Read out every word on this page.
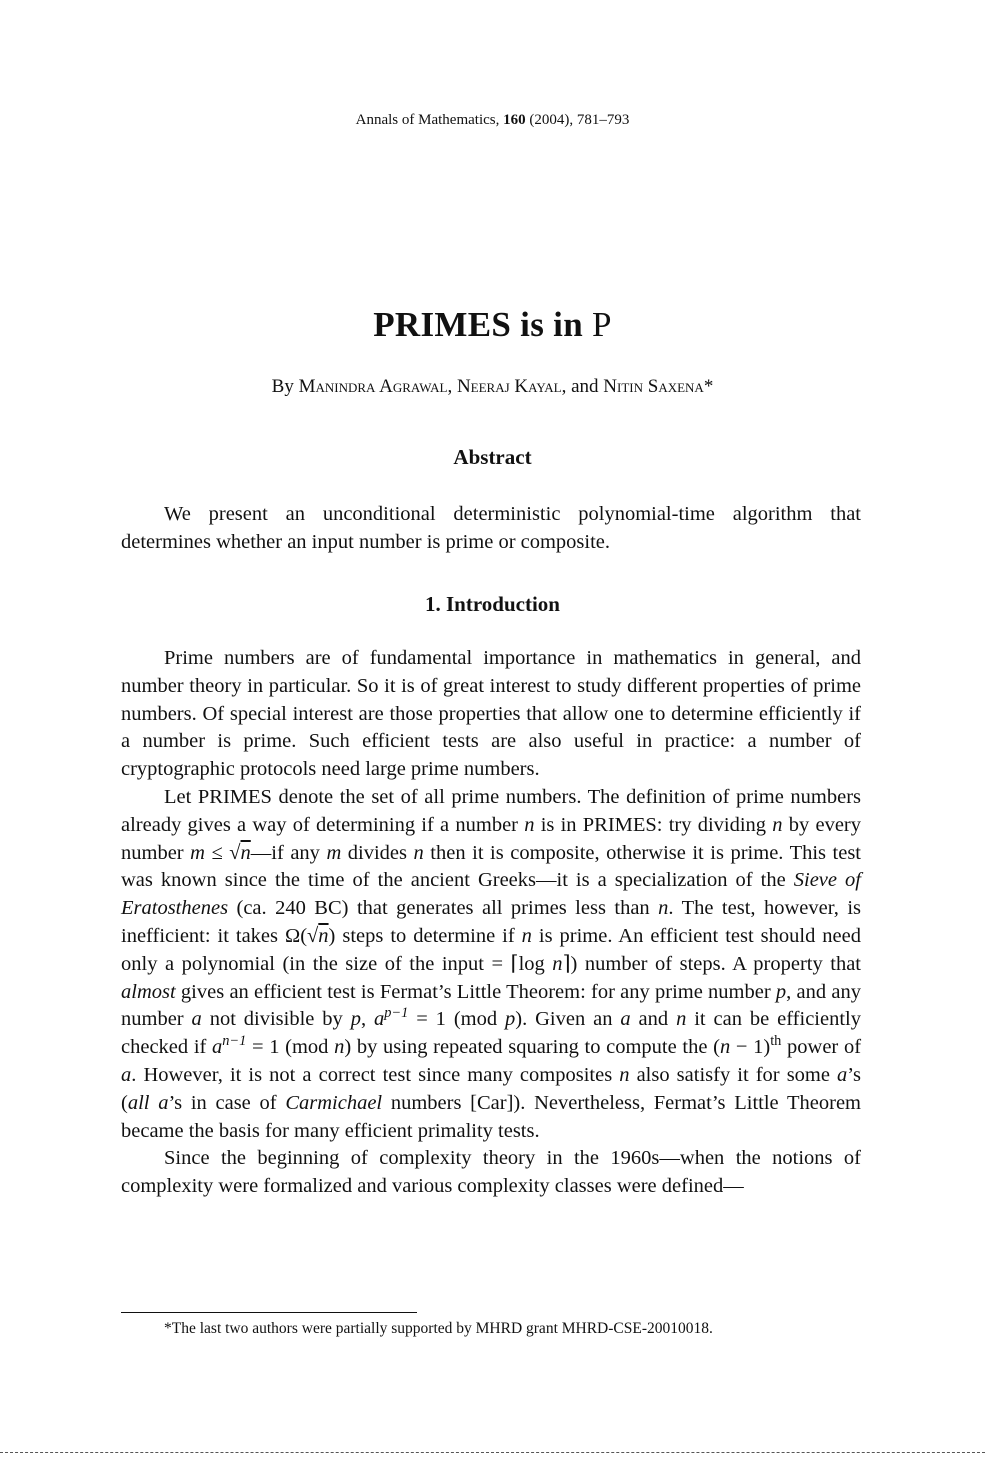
Annals of Mathematics, 160 (2004), 781–793
PRIMES is in P
By Manindra Agrawal, Neeraj Kayal, and Nitin Saxena*
Abstract

We present an unconditional deterministic polynomial-time algorithm that determines whether an input number is prime or composite.

1. Introduction

Prime numbers are of fundamental importance in mathematics in general, and number theory in particular. So it is of great interest to study different properties of prime numbers. Of special interest are those properties that allow one to determine efficiently if a number is prime. Such efficient tests are also useful in practice: a number of cryptographic protocols need large prime numbers.

Let PRIMES denote the set of all prime numbers. The definition of prime numbers already gives a way of determining if a number n is in PRIMES: try dividing n by every number m ≤ √n—if any m divides n then it is composite, otherwise it is prime. This test was known since the time of the ancient Greeks—it is a specialization of the Sieve of Eratosthenes (ca. 240 BC) that generates all primes less than n. The test, however, is inefficient: it takes Ω(√n) steps to determine if n is prime. An efficient test should need only a polynomial (in the size of the input = ⌈log n⌉) number of steps. A property that almost gives an efficient test is Fermat’s Little Theorem: for any prime number p, and any number a not divisible by p, $a^{p-1} = 1$ (mod p). Given an a and n it can be efficiently checked if $a^{n-1} = 1$ (mod n) by using repeated squaring to compute the $(n - 1)^{th}$ power of a. However, it is not a correct test since many composites n also satisfy it for some a’s (all a’s in case of Carmichael numbers [Car]). Nevertheless, Fermat’s Little Theorem became the basis for many efficient primality tests.

Since the beginning of complexity theory in the 1960s—when the notions of complexity were formalized and various complexity classes were defined—

*The last two authors were partially supported by MHRD grant MHRD-CSE-20010018.
